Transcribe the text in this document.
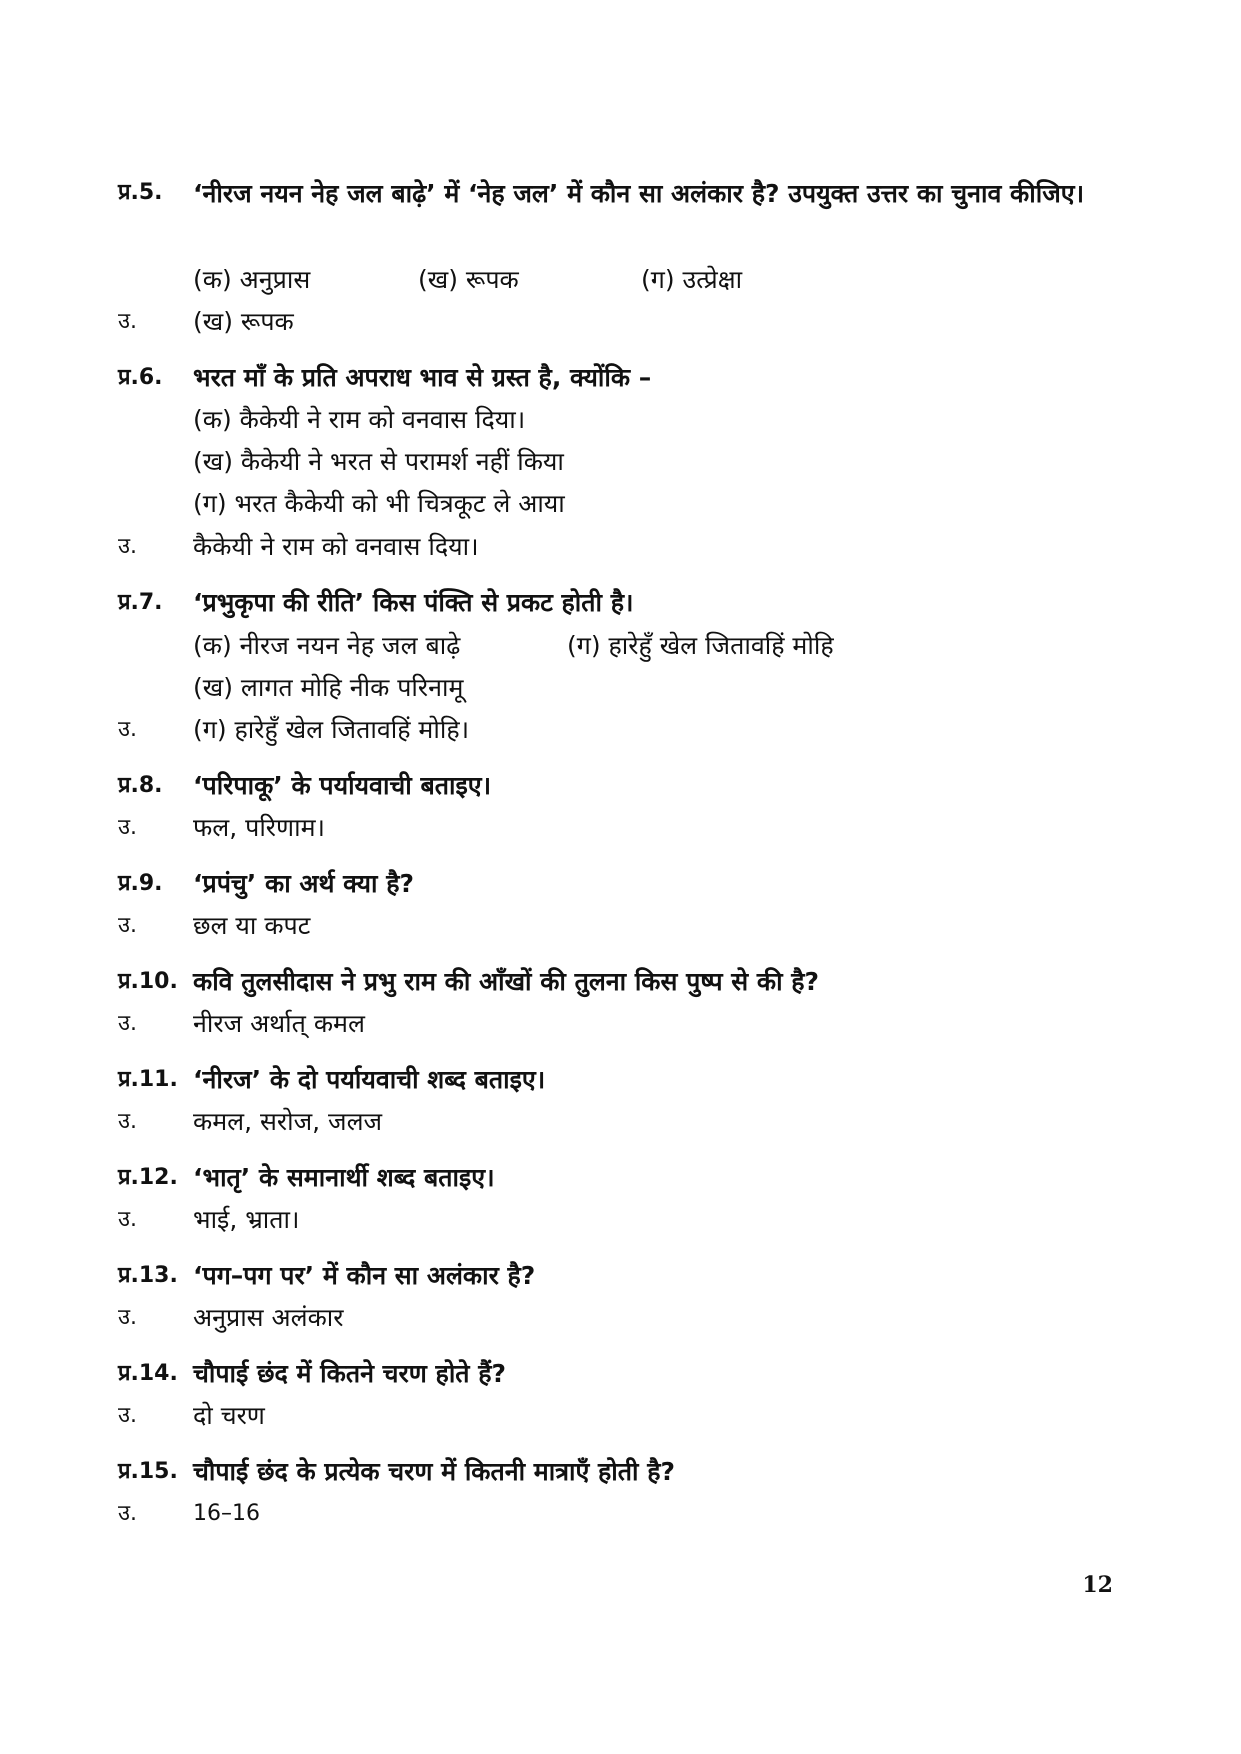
प्र.5. ‘नीरज नयन नेह जल बाढ़े’ में ‘नेह जल’ में कौन सा अलंकार है? उपयुक्त उत्तर का चुनाव कीजिए।
(क) अनुप्रास	(ख) रूपक	(ग) उत्प्रेक्षा
उ. (ख) रूपक
प्र.6. भरत माँ के प्रति अपराध भाव से ग्रस्त है, क्योंकि –
(क) कैकेयी ने राम को वनवास दिया।
(ख) कैकेयी ने भरत से परामर्श नहीं किया
(ग) भरत कैकेयी को भी चित्रकूट ले आया
उ. कैकेयी ने राम को वनवास दिया।
प्र.7. ‘प्रभुकृपा की रीति’ किस पंक्ति से प्रकट होती है।
(क) नीरज नयन नेह जल बाढ़े	(ग) हारेहुँ खेल जितावहिं मोहि
(ख) लागत मोहि नीक परिनामू
उ. (ग) हारेहुँ खेल जितावहिं मोहि।
प्र.8. ‘परिपाकू’ के पर्यायवाची बताइए।
उ. फल, परिणाम।
प्र.9. ‘प्रपंचु’ का अर्थ क्या है?
उ. छल या कपट
प्र.10. कवि तुलसीदास ने प्रभु राम की आँखों की तुलना किस पुष्प से की है?
उ. नीरज अर्थात् कमल
प्र.11. ‘नीरज’ के दो पर्यायवाची शब्द बताइए।
उ. कमल, सरोज, जलज
प्र.12. ‘भातृ’ के समानार्थी शब्द बताइए।
उ. भाई, भ्राता।
प्र.13. ‘पग–पग पर’ में कौन सा अलंकार है?
उ. अनुप्रास अलंकार
प्र.14. चौपाई छंद में कितने चरण होते हैं?
उ. दो चरण
प्र.15. चौपाई छंद के प्रत्येक चरण में कितनी मात्राएँ होती है?
उ.	16–16
12
